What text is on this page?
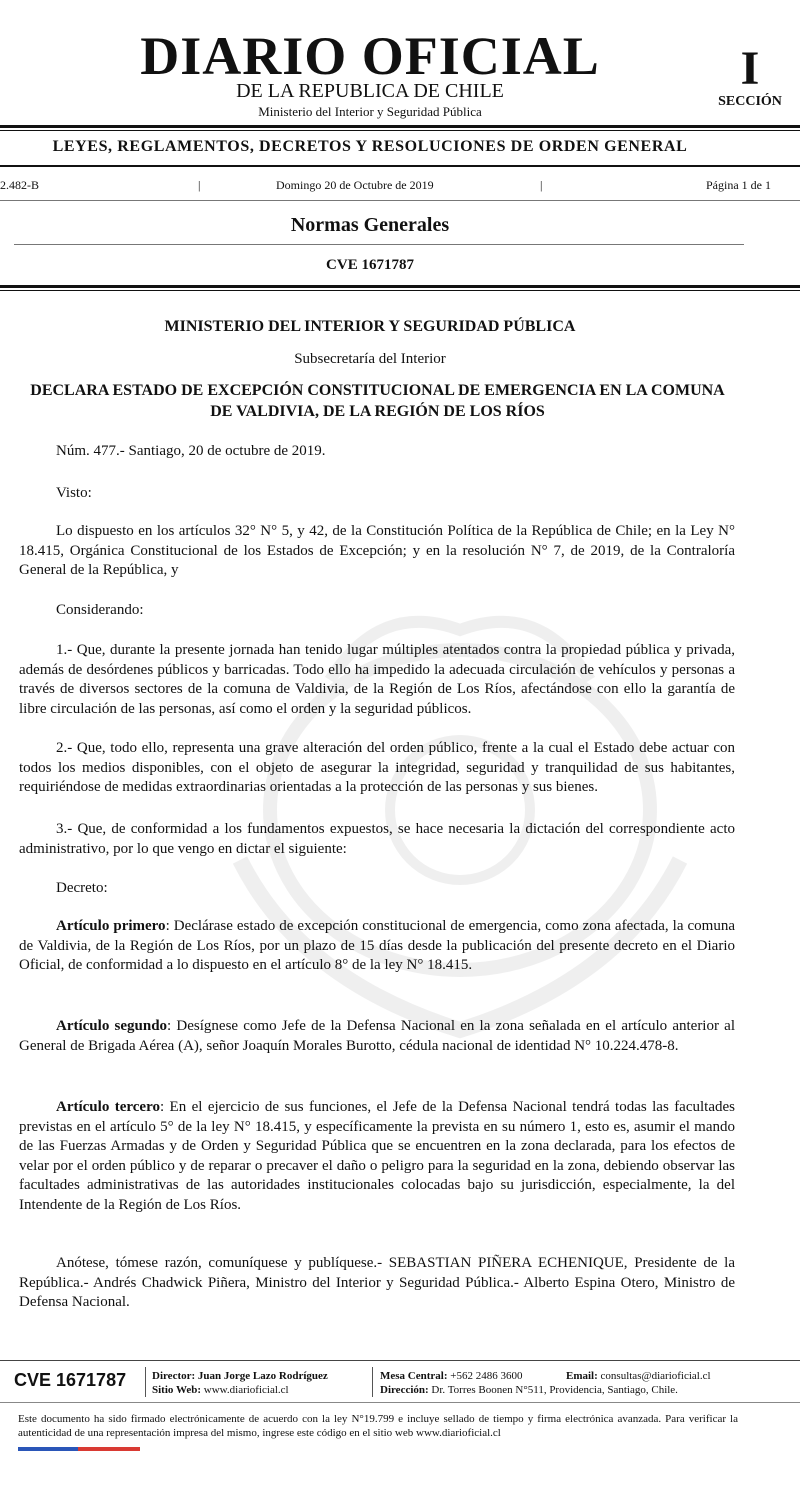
DIARIO OFICIAL
DE LA REPUBLICA DE CHILE
Ministerio del Interior y Seguridad Pública
I
SECCIÓN
LEYES, REGLAMENTOS, DECRETOS Y RESOLUCIONES DE ORDEN GENERAL
2.482-B	|	Domingo 20 de Octubre de 2019	|	Página 1 de 1
Normas Generales
CVE 1671787
MINISTERIO DEL INTERIOR Y SEGURIDAD PÚBLICA
Subsecretaría del Interior
DECLARA ESTADO DE EXCEPCIÓN CONSTITUCIONAL DE EMERGENCIA EN LA COMUNA DE VALDIVIA, DE LA REGIÓN DE LOS RÍOS
Núm. 477.- Santiago, 20 de octubre de 2019.
Visto:
Lo dispuesto en los artículos 32° N° 5, y 42, de la Constitución Política de la República de Chile; en la Ley N° 18.415, Orgánica Constitucional de los Estados de Excepción; y en la resolución N° 7, de 2019, de la Contraloría General de la República, y
Considerando:
1.- Que, durante la presente jornada han tenido lugar múltiples atentados contra la propiedad pública y privada, además de desórdenes públicos y barricadas. Todo ello ha impedido la adecuada circulación de vehículos y personas a través de diversos sectores de la comuna de Valdivia, de la Región de Los Ríos, afectándose con ello la garantía de libre circulación de las personas, así como el orden y la seguridad públicos.
2.- Que, todo ello, representa una grave alteración del orden público, frente a la cual el Estado debe actuar con todos los medios disponibles, con el objeto de asegurar la integridad, seguridad y tranquilidad de sus habitantes, requiriéndose de medidas extraordinarias orientadas a la protección de las personas y sus bienes.
3.- Que, de conformidad a los fundamentos expuestos, se hace necesaria la dictación del correspondiente acto administrativo, por lo que vengo en dictar el siguiente:
Decreto:
Artículo primero: Declárase estado de excepción constitucional de emergencia, como zona afectada, la comuna de Valdivia, de la Región de Los Ríos, por un plazo de 15 días desde la publicación del presente decreto en el Diario Oficial, de conformidad a lo dispuesto en el artículo 8° de la ley N° 18.415.
Artículo segundo: Desígnese como Jefe de la Defensa Nacional en la zona señalada en el artículo anterior al General de Brigada Aérea (A), señor Joaquín Morales Burotto, cédula nacional de identidad N° 10.224.478-8.
Artículo tercero: En el ejercicio de sus funciones, el Jefe de la Defensa Nacional tendrá todas las facultades previstas en el artículo 5° de la ley N° 18.415, y específicamente la prevista en su número 1, esto es, asumir el mando de las Fuerzas Armadas y de Orden y Seguridad Pública que se encuentren en la zona declarada, para los efectos de velar por el orden público y de reparar o precaver el daño o peligro para la seguridad en la zona, debiendo observar las facultades administrativas de las autoridades institucionales colocadas bajo su jurisdicción, especialmente, la del Intendente de la Región de Los Ríos.
Anótese, tómese razón, comuníquese y publíquese.- SEBASTIAN PIÑERA ECHENIQUE, Presidente de la República.- Andrés Chadwick Piñera, Ministro del Interior y Seguridad Pública.- Alberto Espina Otero, Ministro de Defensa Nacional.
CVE 1671787 Director: Juan Jorge Lazo Rodríguez
Sitio Web: www.diarioficial.cl
Mesa Central: +562 2486 3600	Email: consultas@diarioficial.cl
Dirección: Dr. Torres Boonen N°511, Providencia, Santiago, Chile.
Este documento ha sido firmado electrónicamente de acuerdo con la ley N°19.799 e incluye sellado de tiempo y firma electrónica avanzada. Para verificar la autenticidad de una representación impresa del mismo, ingrese este código en el sitio web www.diarioficial.cl
